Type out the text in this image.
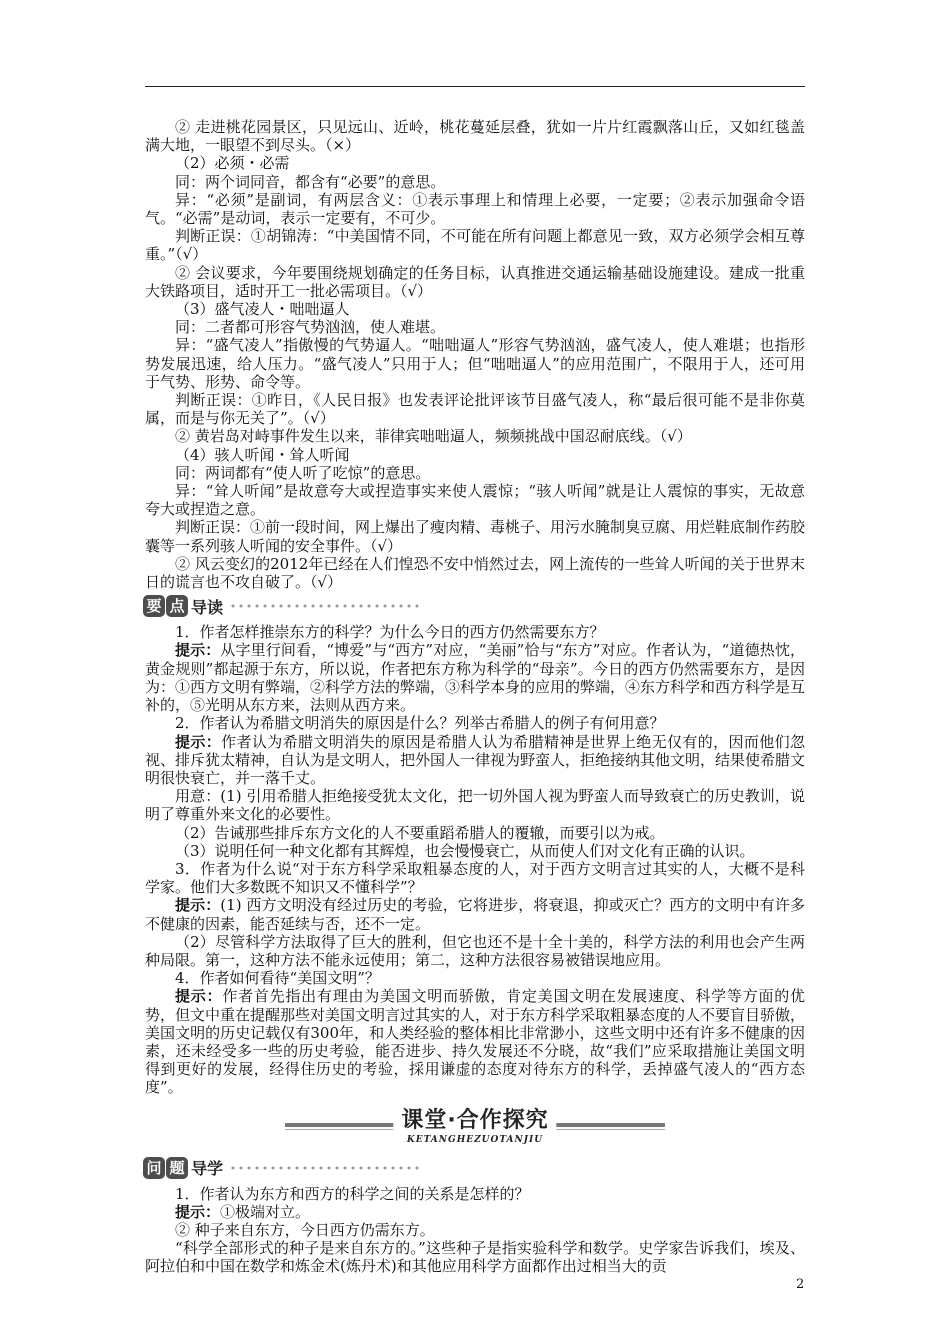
② 走进桃花园景区，只见远山、近岭，桃花蔓延层叠，犹如一片片红霞飘落山丘，又如红毯盖满大地，一眼望不到尽头。（×）

（2）必须・必需

同：两个词同音，都含有“必要”的意思。

异：“必须”是副词，有两层含义：①表示事理上和情理上必要，一定要；②表示加强命令语气。“必需”是动词，表示一定要有，不可少。

判断正误：①胡锦涛：“中美国情不同，不可能在所有问题上都意见一致，双方必须学会相互尊重。”（√）

② 会议要求，今年要围绕规划确定的任务目标，认真推进交通运输基础设施建设。建成一批重大铁路项目，适时开工一批必需项目。（√）

（3）盛气凌人・咄咄逼人

同：二者都可形容气势汹汹，使人难堪。

异：“盛气凌人”指傲慢的气势逼人。“咄咄逼人”形容气势汹汹，盛气凌人，使人难堪；也指形势发展迅速，给人压力。“盛气凌人”只用于人；但“咄咄逼人”的应用范围广，不限用于人，还可用于气势、形势、命令等。

判断正误：①昨日，《人民日报》也发表评论批评该节目盛气凌人，称“最后很可能不是非你莫属，而是与你无关了”。（√）

② 黄岩岛对峙事件发生以来，菲律宾咄咄逼人，频频挑战中国忍耐底线。（√）

（4）骇人听闻・耸人听闻

同：两词都有“使人听了吃惊”的意思。

异：“耸人听闻”是故意夸大或捏造事实来使人震惊；“骇人听闻”就是让人震惊的事实，无故意夸大或捏造之意。

判断正误：①前一段时间，网上爆出了瘦肉精、毒桃子、用污水腌制臭豆腐、用烂鞋底制作药胶囊等一系列骇人听闻的安全事件。（√）

② 风云变幻的2012年已经在人们惶恐不安中悄然过去，网上流传的一些耸人听闻的关于世界末日的谎言也不攻自破了。（√）

要 点 导读

1．作者怎样推崇东方的科学？为什么今日的西方仍然需要东方？

提示：从字里行间看，“博爱”与“西方”对应，“美丽”恰与“东方”对应。作者认为，“道德热忱，黄金规则”都起源于东方，所以说，作者把东方称为科学的“母亲”。今日的西方仍然需要东方，是因为：①西方文明有弊端，②科学方法的弊端，③科学本身的应用的弊端，④东方科学和西方科学是互补的，⑤光明从东方来，法则从西方来。

2．作者认为希腊文明消失的原因是什么？列举古希腊人的例子有何用意？

提示：作者认为希腊文明消失的原因是希腊人认为希腊精神是世界上绝无仅有的，因而他们忽视、排斥犹太精神，自认为是文明人，把外国人一律视为野蛮人，拒绝接纳其他文明，结果使希腊文明很快衰亡，并一落千丈。

用意：(1) 引用希腊人拒绝接受犹太文化，把一切外国人视为野蛮人而导致衰亡的历史教训，说明了尊重外来文化的必要性。

（2）告诫那些排斥东方文化的人不要重蹈希腊人的覆辙，而要引以为戒。

（3）说明任何一种文化都有其辉煌，也会慢慢衰亡，从而使人们对文化有正确的认识。

3．作者为什么说“对于东方科学采取粗暴态度的人，对于西方文明言过其实的人，大概不是科学家。他们大多数既不知识又不懂科学”？

提示：(1) 西方文明没有经过历史的考验，它将进步，将衰退，抑或灭亡？西方的文明中有许多不健康的因素，能否延续与否，还不一定。

（2）尽管科学方法取得了巨大的胜利，但它也还不是十全十美的，科学方法的利用也会产生两种局限。第一，这种方法不能永远使用；第二，这种方法很容易被错误地应用。

4．作者如何看待“美国文明”？

提示：作者首先指出有理由为美国文明而骄傲，肯定美国文明在发展速度、科学等方面的优势，但文中重在提醒那些对美国文明言过其实的人，对于东方科学采取粗暴态度的人不要盲目骄傲，美国文明的历史记载仅有300年，和人类经验的整体相比非常渺小，这些文明中还有许多不健康的因素，还未经受多一些的历史考验，能否进步、持久发展还不分晓，故“我们”应采取措施让美国文明得到更好的发展，经得住历史的考验，採用谦虚的态度对待东方的科学，丢掉盛气凌人的“西方态度”。

课堂·合作探究
KETANGHEZUOTANJIU
问 题 导学

1．作者认为东方和西方的科学之间的关系是怎样的？

提示：①极端对立。

② 种子来自东方，今日西方仍需东方。

“科学全部形式的种子是来自东方的。”这些种子是指实验科学和数学。史学家告诉我们，埃及、阿拉伯和中国在数学和炼金术(炼丹术)和其他应用科学方面都作出过相当大的贡

2
